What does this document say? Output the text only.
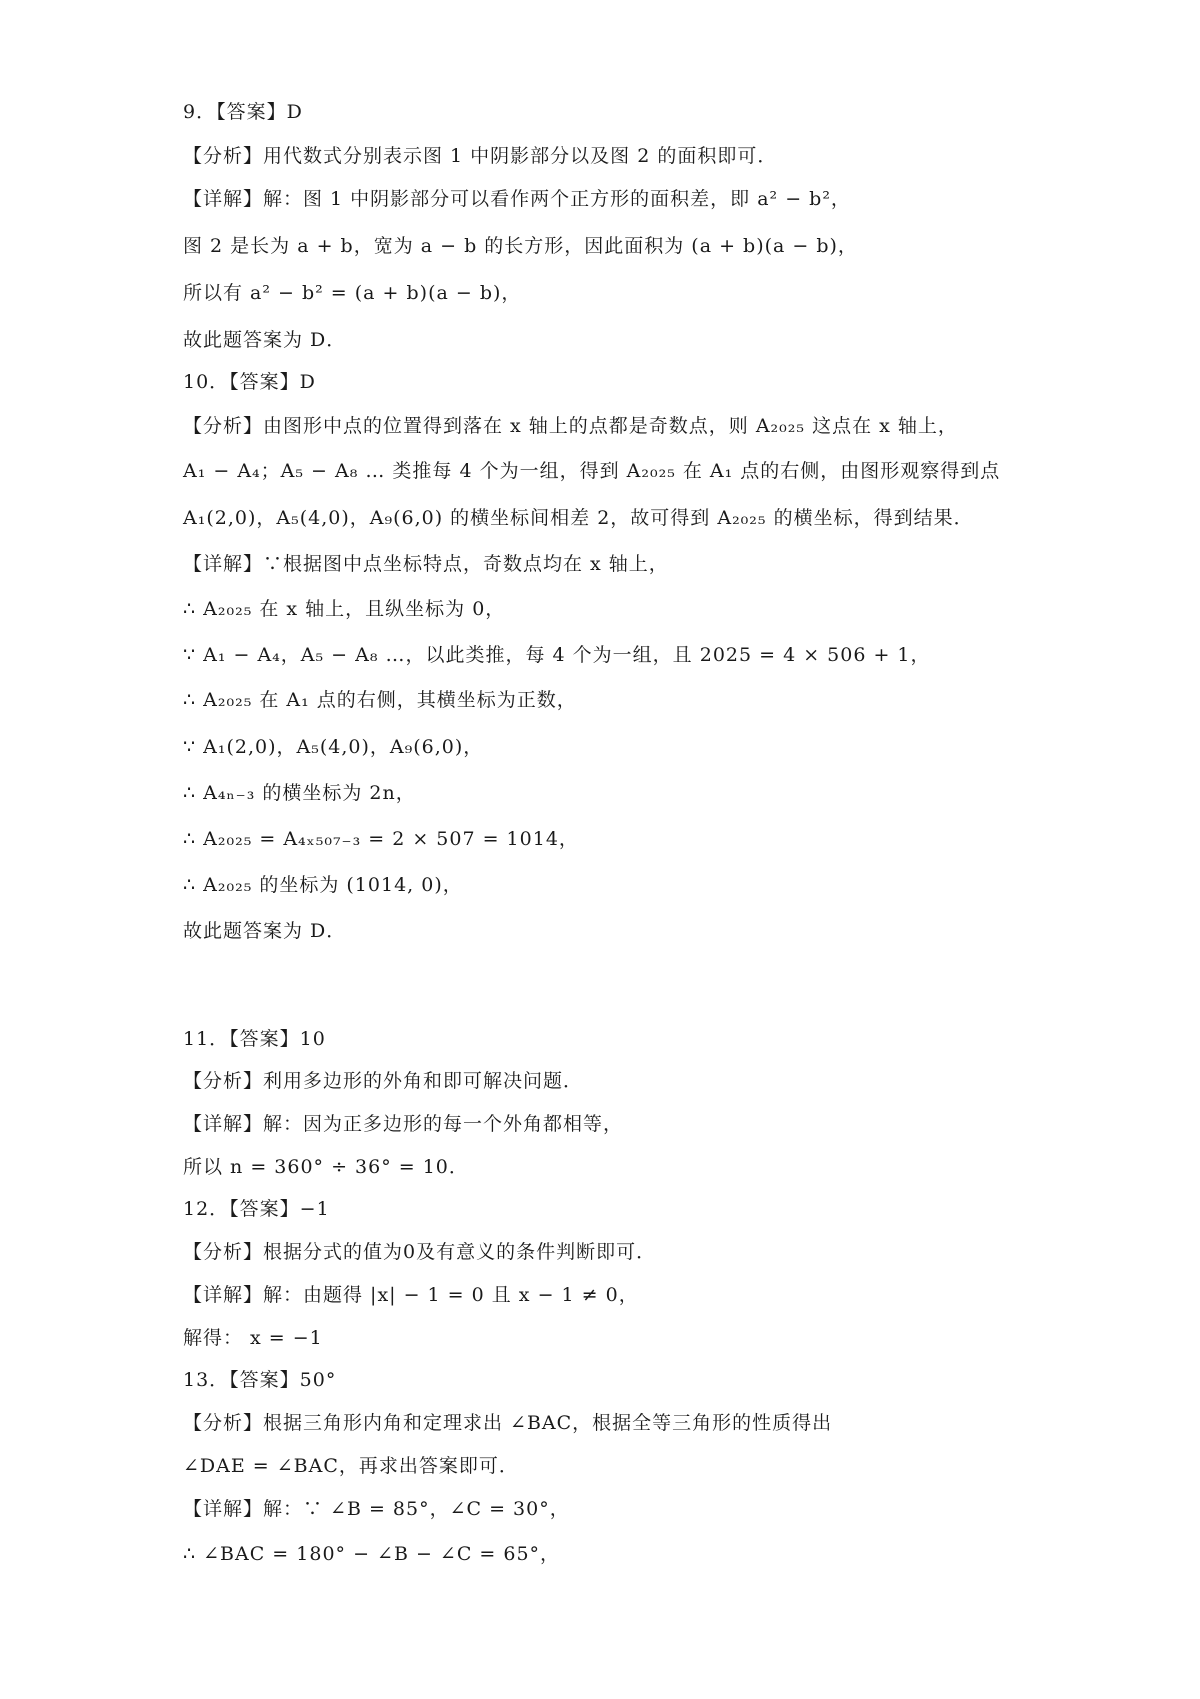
9．【答案】D
【分析】用代数式分别表示图 1 中阴影部分以及图 2 的面积即可．
【详解】解：图 1 中阴影部分可以看作两个正方形的面积差，即 a² − b²，
图 2 是长为 a + b，宽为 a − b 的长方形，因此面积为 (a + b)(a − b)，
所以有 a² − b² = (a + b)(a − b)，
故此题答案为 D．
10．【答案】D
【分析】由图形中点的位置得到落在 x 轴上的点都是奇数点，则 A₂₀₂₅ 这点在 x 轴上，
A₁ − A₄；A₅ − A₈ … 类推每 4 个为一组，得到 A₂₀₂₅ 在 A₁ 点的右侧，由图形观察得到点
A₁(2,0)，A₅(4,0)，A₉(6,0) 的横坐标间相差 2，故可得到 A₂₀₂₅ 的横坐标，得到结果．
【详解】∵根据图中点坐标特点，奇数点均在 x 轴上，
∴ A₂₀₂₅ 在 x 轴上，且纵坐标为 0，
∵ A₁ − A₄，A₅ − A₈ …，以此类推，每 4 个为一组，且 2025 = 4 × 506 + 1，
∴ A₂₀₂₅ 在 A₁ 点的右侧，其横坐标为正数，
∵ A₁(2,0)，A₅(4,0)，A₉(6,0)，
∴ A₄ₙ₋₃ 的横坐标为 2n，
∴ A₂₀₂₅ = A₄ₓ₅₀₇₋₃ = 2 × 507 = 1014，
∴ A₂₀₂₅ 的坐标为 (1014, 0)，
故此题答案为 D．
11．【答案】10
【分析】利用多边形的外角和即可解决问题．
【详解】解：因为正多边形的每一个外角都相等，
所以 n = 360° ÷ 36° = 10．
12．【答案】−1
【分析】根据分式的值为0及有意义的条件判断即可．
【详解】解：由题得 |x| − 1 = 0 且 x − 1 ≠ 0，
解得： x = −1
13．【答案】50°
【分析】根据三角形内角和定理求出 ∠BAC，根据全等三角形的性质得出
∠DAE = ∠BAC，再求出答案即可．
【详解】解：∵ ∠B = 85°，∠C = 30°，
∴ ∠BAC = 180° − ∠B − ∠C = 65°，
